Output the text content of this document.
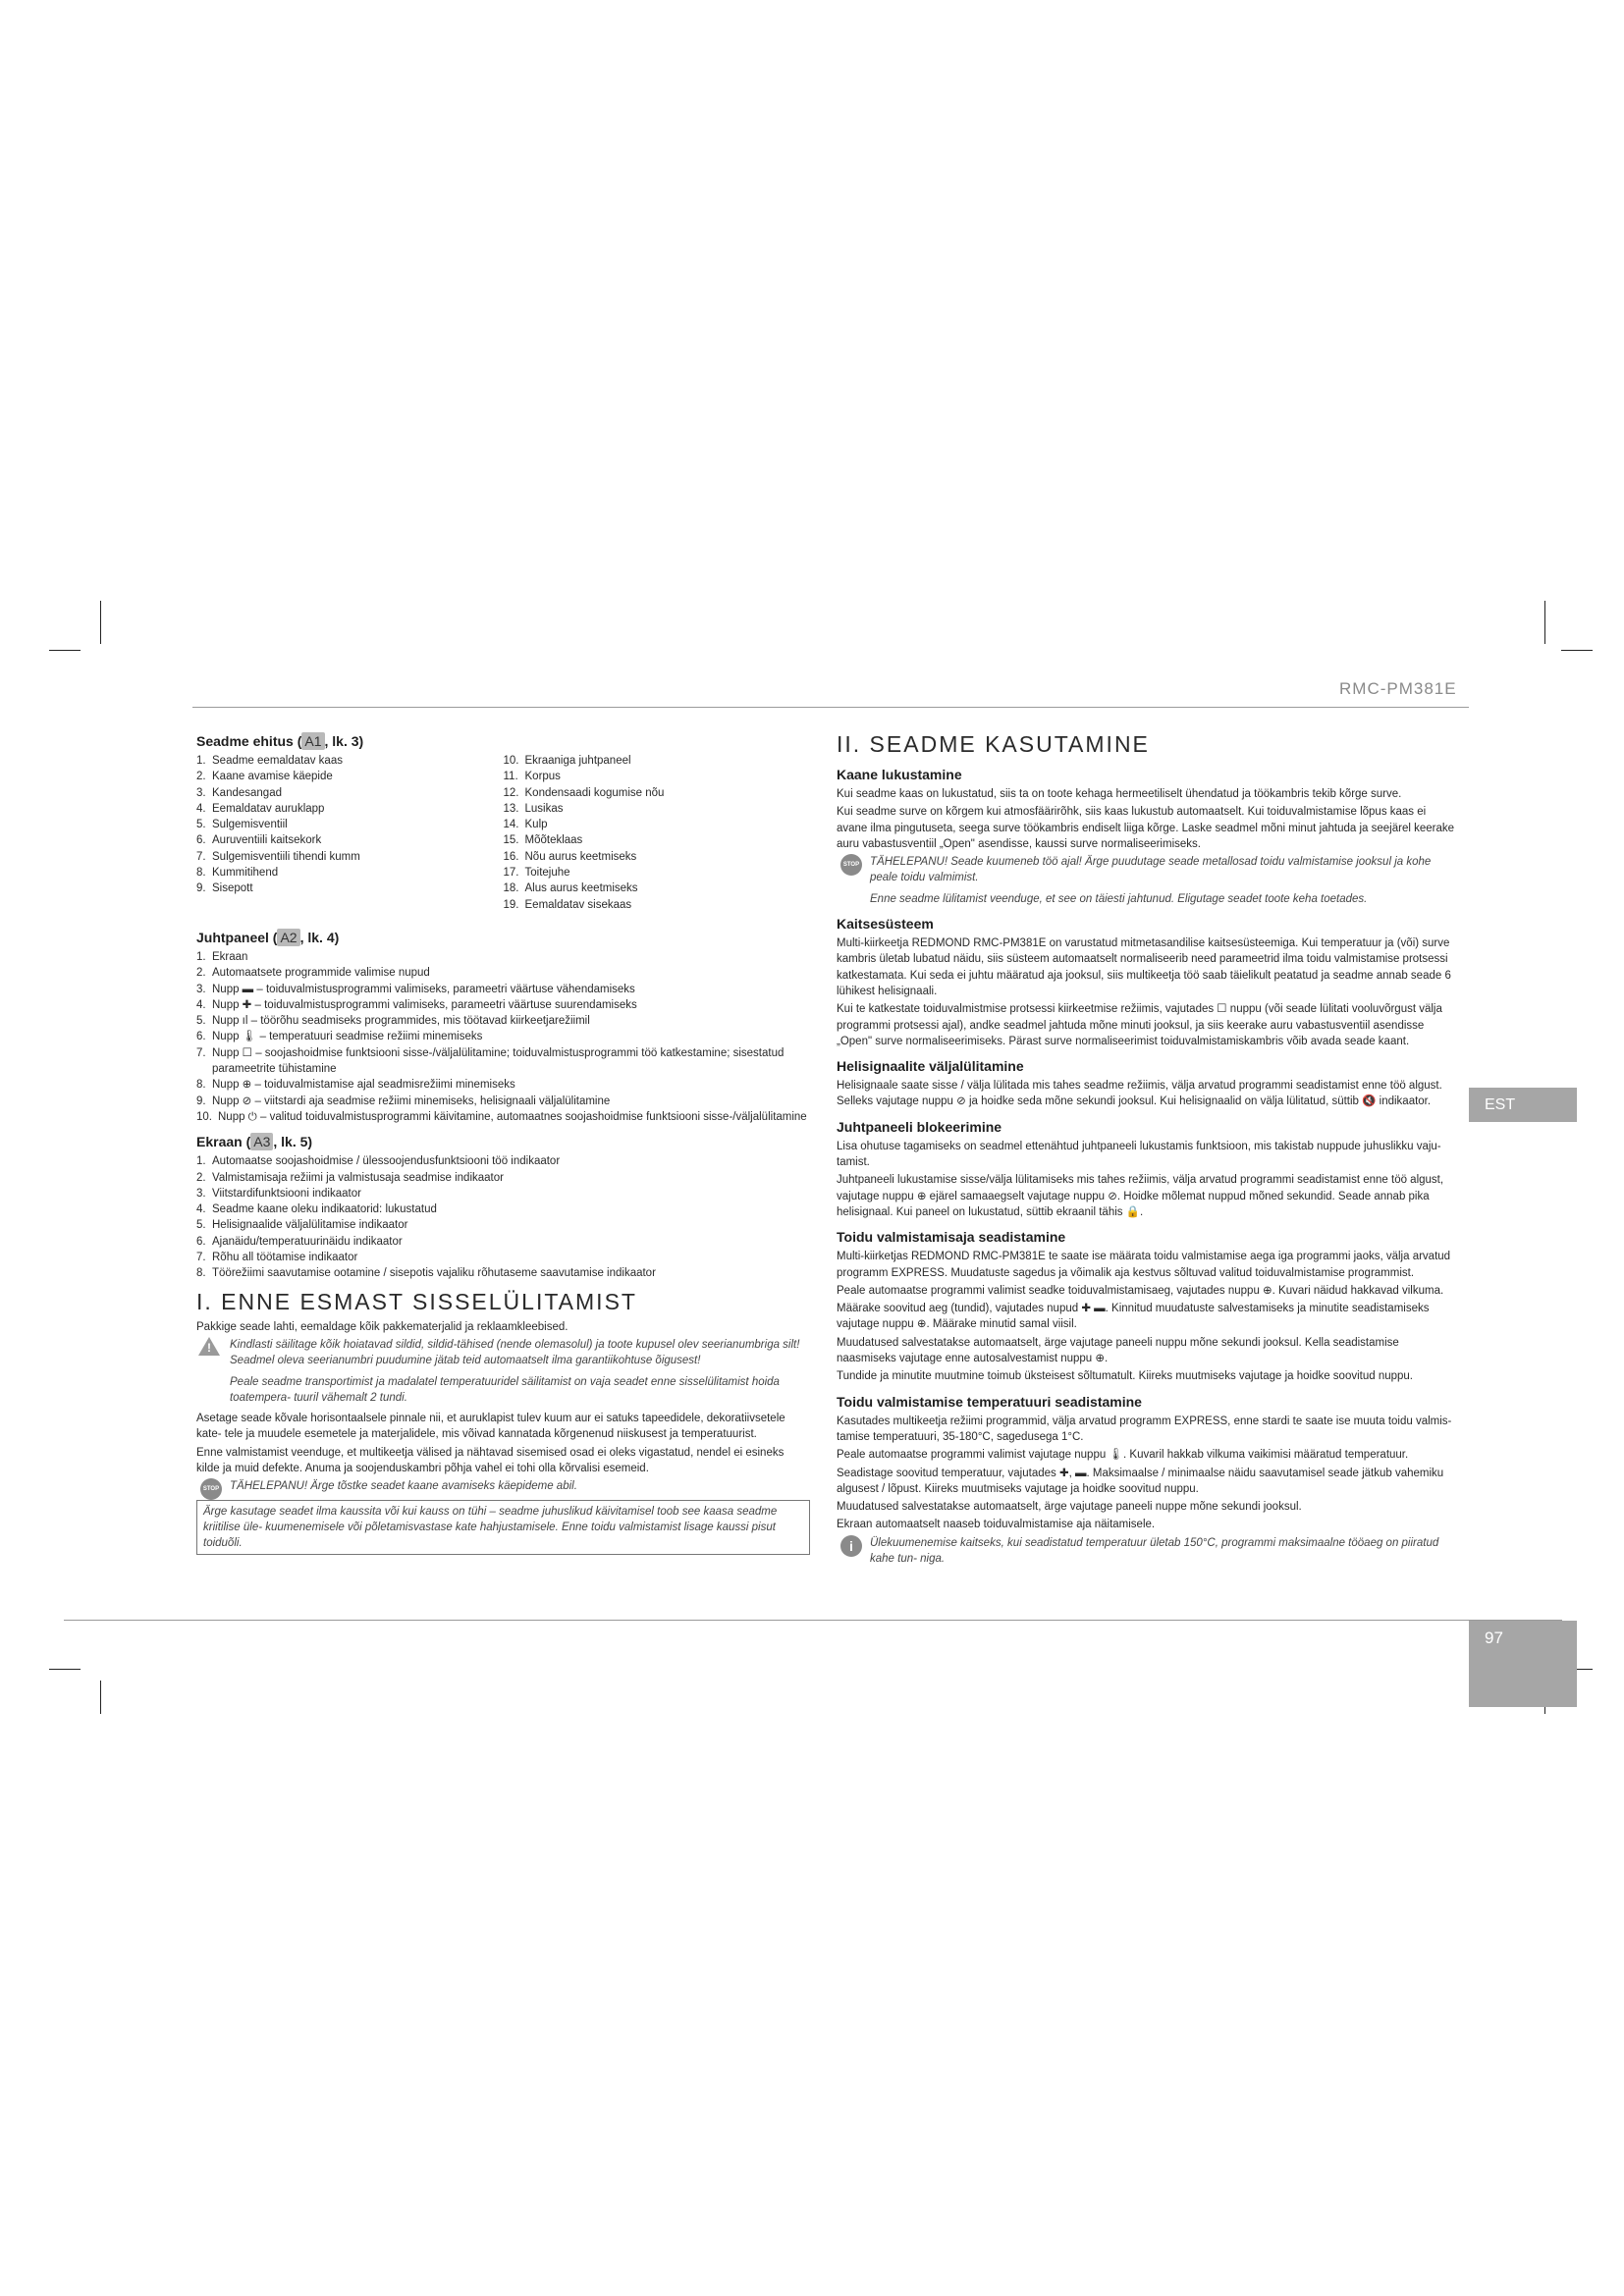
RMC-PM381E
EST
97
Seadme ehitus ( A1 , lk. 3)
1. Seadme eemaldatav kaas
2. Kaane avamise käepide
3. Kandesangad
4. Eemaldatav auruklapp
5. Sulgemisventiil
6. Auruventiili kaitsekork
7. Sulgemisventiili tihendi kumm
8. Kummitihend
9. Sisepott
10. Ekraaniga juhtpaneel
11. Korpus
12. Kondensaadi kogumise nõu
13. Lusikas
14. Kulp
15. Mõõteklaas
16. Nõu aurus keetmiseks
17. Toitejuhe
18. Alus aurus keetmiseks
19. Eemaldatav sisekaas
Juhtpaneel ( A2 , lk. 4)
1. Ekraan
2. Automaatsete programmide valimise nupud
3. Nupp ▬ – toiduvalmistusprogrammi valimiseks, parameetri väärtuse vähendamiseks
4. Nupp ✚ – toiduvalmistusprogrammi valimiseks, parameetri väärtuse suurendamiseks
5. Nupp ıl – töörõhu seadmiseks programmides, mis töötavad kiirkeetjarežiimil
6. Nupp 🌡 – temperatuuri seadmise režiimi minemiseks
7. Nupp ☐ – soojashoidmise funktsiooni sisse-/väljalülitamine; toiduvalmistusprogrammi töö katkestamine; sisestatud parameetrite tühistamine
8. Nupp ⊕ – toiduvalmistamise ajal seadmisrežiimi minemiseks
9. Nupp ⊘ – viitstardi aja seadmise režiimi minemiseks, helisignaali väljalülitamine
10. Nupp ⏻ – valitud toiduvalmistusprogrammi käivitamine, automaatnes soojashoidmise funktsiooni sisse-/väljalülitamine
Ekraan ( A3 , lk. 5)
1. Automaatse soojashoidmise / ülessoojendusfunktsiooni töö indikaator
2. Valmistamisaja režiimi ja valmistusaja seadmise indikaator
3. Viitstardifunktsiooni indikaator
4. Seadme kaane oleku indikaatorid: lukustatud
5. Helisignaalide väljalülitamise indikaator
6. Ajanäidu/temperatuurinäidu indikaator
7. Rõhu all töötamise indikaator
8. Töörežiimi saavutamise ootamine / sisepotis vajaliku rõhutaseme saavutamise indikaator
I. ENNE ESMAST SISSELÜLITAMIST

Pakkige seade lahti, eemaldage kõik pakkematerjalid ja reklaamkleebised.

!

Kindlasti säilitage kõik hoiatavad sildid, sildid-tähised (nende olemasolul) ja toote kupusel olev seerianumbriga silt! Seadmel oleva seerianumbri puudumine jätab teid automaatselt ilma garantiikohtuse õigusest!

Peale seadme transportimist ja madalatel temperatuuridel säilitamist on vaja seadet enne sisselülitamist hoida toatempera- tuuril vähemalt 2 tundi.

Asetage seade kõvale horisontaalsele pinnale nii, et auruklapist tulev kuum aur ei satuks tapeedidele, dekoratiivsetele kate- tele ja muudele esemetele ja materjalidele, mis võivad kannatada kõrgenenud niiskusest ja temperatuurist.

Enne valmistamist veenduge, et multikeetja välised ja nähtavad sisemised osad ei oleks vigastatud, nendel ei esineks kilde ja muid defekte. Anuma ja soojenduskambri põhja vahel ei tohi olla kõrvalisi esemeid.

STOP TÄHELEPANU! Ärge tõstke seadet kaane avamiseks käepideme abil.

Ärge kasutage seadet ilma kaussita või kui kauss on tühi – seadme juhuslikud käivitamisel toob see kaasa seadme kriitilise üle- kuumenemisele või põletamisvastase kate hahjustamisele. Enne toidu valmistamist lisage kaussi pisut toiduõli.
II. SEADME KASUTAMINE
Kaane lukustamine

Kui seadme kaas on lukustatud, siis ta on toote kehaga hermeetiliselt ühendatud ja töökambris tekib kõrge surve.

Kui seadme surve on kõrgem kui atmosfäärirõhk, siis kaas lukustub automaatselt. Kui toiduvalmistamise lõpus kaas ei avane ilma pingutuseta, seega surve töökambris endiselt liiga kõrge. Laske seadmel mõni minut jahtuda ja seejärel keerake auru vabastusventiil „Open" asendisse, kaussi surve normaliseerimiseks.

STOP TÄHELEPANU! Seade kuumeneb töö ajal! Ärge puudutage seade metallosad toidu valmistamise jooksul ja kohe peale toidu valmimist.

Enne seadme lülitamist veenduge, et see on täiesti jahtunud. Eligutage seadet toote keha toetades.

Kaitsesüsteem

Multi-kiirkeetja REDMOND RMC-PM381E on varustatud mitmetasandilise kaitsesüsteemiga. Kui temperatuur ja (või) surve kambris ületab lubatud näidu, siis süsteem automaatselt normaliseerib need parameetrid ilma toidu valmistamise protsessi katkestamata. Kui seda ei juhtu määratud aja jooksul, siis multikeetja töö saab täielikult peatatud ja seadme annab seade 6 lühikest helisignaali.

Kui te katkestate toiduvalmistmise protsessi kiirkeetmise režiimis, vajutades ☐ nuppu (või seade lülitati vooluvõrgust välja programmi protsessi ajal), andke seadmel jahtuda mõne minuti jooksul, ja siis keerake auru vabastusventiil asendisse „Open" surve normaliseerimiseks. Pärast surve normaliseerimist toiduvalmistamiskambris võib avada seade kaant.

Helisignaalite väljalülitamine

Helisignaale saate sisse / välja lülitada mis tahes seadme režiimis, välja arvatud programmi seadistamist enne töö algust. Selleks vajutage nuppu ⊘ ja hoidke seda mõne sekundi jooksul. Kui helisignaalid on välja lülitatud, süttib 🔇 indikaator.

Juhtpaneeli blokeerimine

Lisa ohutuse tagamiseks on seadmel ettenähtud juhtpaneeli lukustamis funktsioon, mis takistab nuppude juhuslikku vaju- tamist.

Juhtpaneeli lukustamise sisse/välja lülitamiseks mis tahes režiimis, välja arvatud programmi seadistamist enne töö algust, vajutage nuppu ⊕ ejärel samaaegselt vajutage nuppu ⊘. Hoidke mõlemat nuppud mõned sekundid. Seade annab pika helisignaal. Kui paneel on lukustatud, süttib ekraanil tähis 🔒.

Toidu valmistamisaja seadistamine

Multi-kiirketjas REDMOND RMC-PM381E te saate ise määrata toidu valmistamise aega iga programmi jaoks, välja arvatud programm EXPRESS. Muudatuste sagedus ja võimalik aja kestvus sõltuvad valitud toiduvalmistamise programmist.

Peale automaatse programmi valimist seadke toiduvalmistamisaeg, vajutades nuppu ⊕. Kuvari näidud hakkavad vilkuma.

Määrake soovitud aeg (tundid), vajutades nupud ✚ ▬. Kinnitud muudatuste salvestamiseks ja minutite seadistamiseks vajutage nuppu ⊕. Määrake minutid samal viisil.

Muudatused salvestatakse automaatselt, ärge vajutage paneeli nuppu mõne sekundi jooksul. Kella seadistamise naasmiseks vajutage enne autosalvestamist nuppu ⊕.

Tundide ja minutite muutmine toimub üksteisest sõltumatult. Kiireks muutmiseks vajutage ja hoidke soovitud nuppu.

Toidu valmistamise temperatuuri seadistamine

Kasutades multikeetja režiimi programmid, välja arvatud programm EXPRESS, enne stardi te saate ise muuta toidu valmis- tamise temperatuuri, 35-180°C, sagedusega 1°C.

Peale automaatse programmi valimist vajutage nuppu 🌡. Kuvaril hakkab vilkuma vaikimisi määratud temperatuur.

Seadistage soovitud temperatuur, vajutades ✚, ▬. Maksimaalse / minimaalse näidu saavutamisel seade jätkub vahemiku algusest / lõpust. Kiireks muutmiseks vajutage ja hoidke soovitud nuppu.

Muudatused salvestatakse automaatselt, ärge vajutage paneeli nuppe mõne sekundi jooksul.

Ekraan automaatselt naaseb toiduvalmistamise aja näitamisele.

i	Ülekuumenemise kaitseks, kui seadistatud temperatuur ületab 150°C, programmi maksimaalne tööaeg on piiratud kahe tun- niga.
